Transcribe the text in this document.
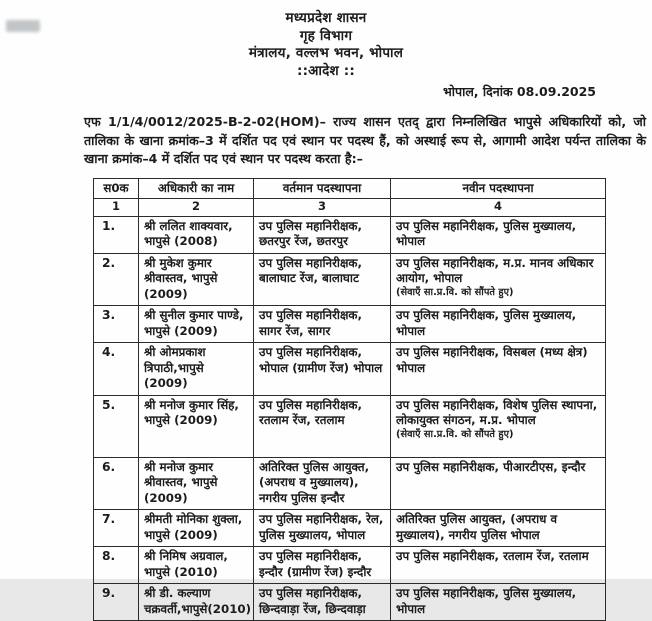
मध्यप्रदेश शासन
गृह विभाग
मंत्रालय, वल्लभ भवन, भोपाल
::आदेश ::
भोपाल, दिनांक 08.09.2025

एफ 1/1/4/0012/2025-B-2-02(HOM)– राज्य शासन एतद् द्वारा निम्नलिखित भापुसे अधिकारियों को, जो तालिका के खाना क्रमांक–3 में दर्शित पद एवं स्थान पर पदस्थ हैं, को अस्थाई रूप से, आगामी आदेश पर्यन्त तालिका के खाना क्रमांक–4 में दर्शित पद एवं स्थान पर पदस्थ करता है:–

स0क	अधिकारी का नाम	वर्तमान पदस्थापना	नवीन पदस्थापना
1	2	3	4
1.	श्री ललित शाक्यवार, भापुसे (2008)	उप पुलिस महानिरीक्षक, छतरपुर रेंज, छतरपुर	उप पुलिस महानिरीक्षक, पुलिस मुख्यालय, भोपाल

2.	श्री मुकेश कुमार श्रीवास्तव, भापुसे (2009)	उप पुलिस महानिरीक्षक, बालाघाट रेंज, बालाघाट	उप पुलिस महानिरीक्षक, म.प्र. मानव अधिकार आयोग, भोपाल
(सेवाएँ सा.प्र.वि. को सौंपते हुए)

3.	श्री सुनील कुमार पाण्डे, भापुसे (2009)	उप पुलिस महानिरीक्षक, सागर रेंज, सागर	उप पुलिस महानिरीक्षक, पुलिस मुख्यालय, भोपाल

4.	श्री ओमप्रकाश त्रिपाठी,भापुसे (2009)	उप पुलिस महानिरीक्षक, भोपाल (ग्रामीण रेंज) भोपाल	उप पुलिस महानिरीक्षक, विसबल (मध्य क्षेत्र) भोपाल

5.	श्री मनोज कुमार सिंह, भापुसे (2009)	उप पुलिस महानिरीक्षक, रतलाम रेंज, रतलाम	उप पुलिस महानिरीक्षक, विशेष पुलिस स्थापना, लोकायुक्त संगठन, म.प्र. भोपाल
(सेवाएँ सा.प्र.वि. को सौंपते हुए)

6.	श्री मनोज कुमार श्रीवास्तव, भापुसे (2009)	अतिरिक्त पुलिस आयुक्त, (अपराध व मुख्यालय), नगरीय पुलिस इन्दौर	उप पुलिस महानिरीक्षक, पीआरटीएस, इन्दौर

7.	श्रीमती मोनिका शुक्ला, भापुसे (2009)	उप पुलिस महानिरीक्षक, रेल, पुलिस मुख्यालय, भोपाल	अतिरिक्त पुलिस आयुक्त, (अपराध व मुख्यालय), नगरीय पुलिस भोपाल

8.	श्री निमिष अग्रवाल, भापुसे (2010)	उप पुलिस महानिरीक्षक, इन्दौर (ग्रामीण रेंज) इन्दौर	उप पुलिस महानिरीक्षक, रतलाम रेंज, रतलाम

9.	श्री डी. कल्याण चक्रवर्ती,भापुसे(2010)	उप पुलिस महानिरीक्षक, छिन्दवाड़ा रेंज, छिन्दवाड़ा	उप पुलिस महानिरीक्षक, पुलिस मुख्यालय, भोपाल
